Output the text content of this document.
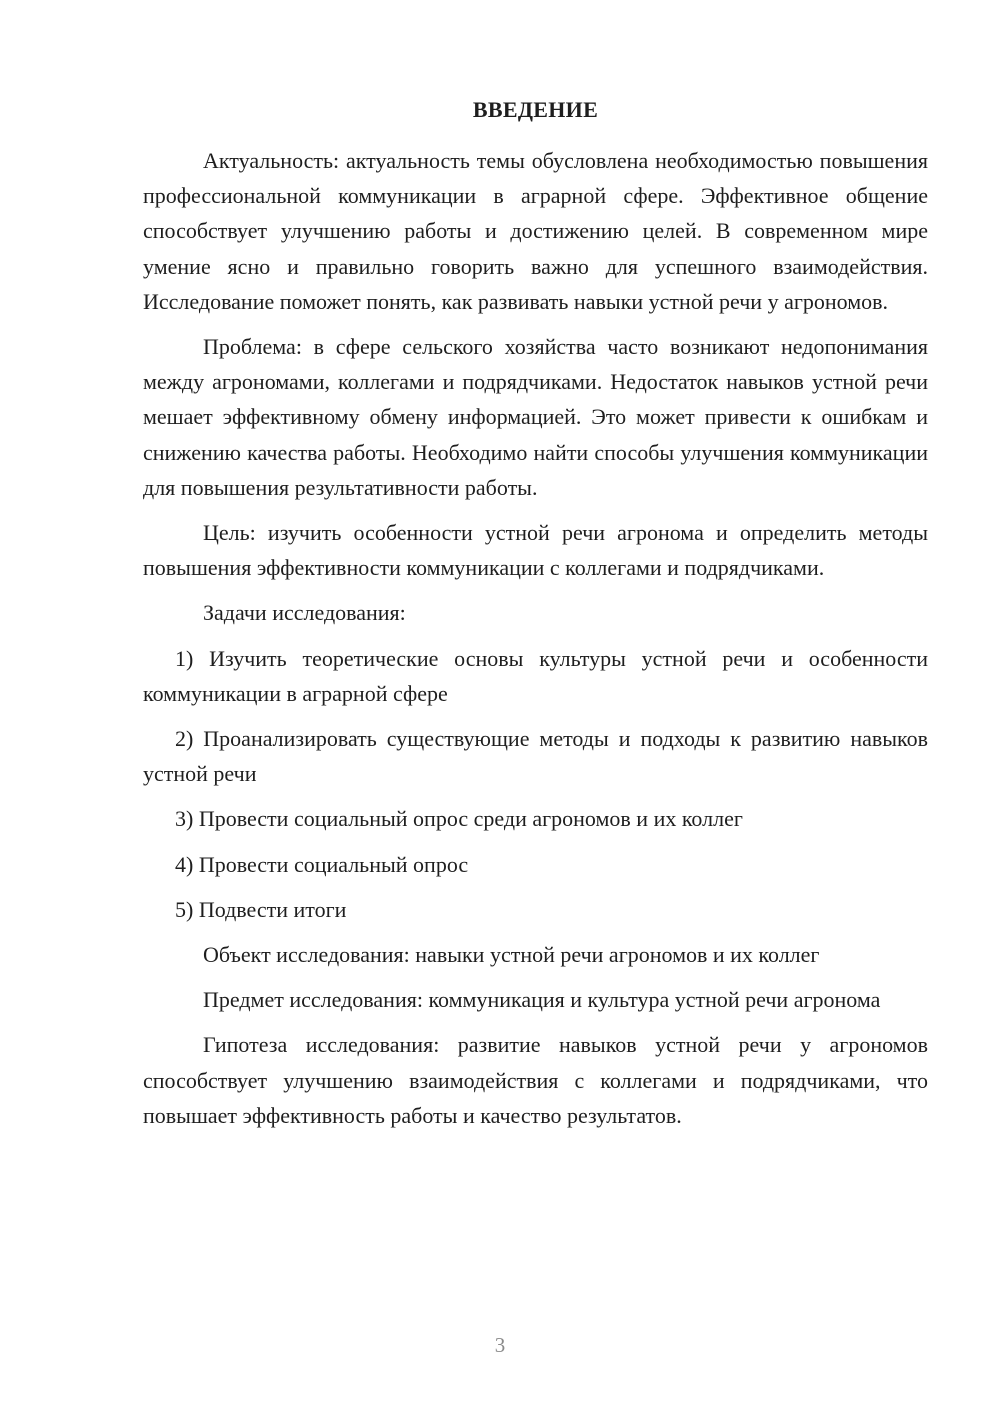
ВВЕДЕНИЕ

Актуальность: актуальность темы обусловлена необходимостью повышения профессиональной коммуникации в аграрной сфере. Эффективное общение способствует улучшению работы и достижению целей. В современном мире умение ясно и правильно говорить важно для успешного взаимодействия. Исследование поможет понять, как развивать навыки устной речи у агрономов.

Проблема: в сфере сельского хозяйства часто возникают недопонимания между агрономами, коллегами и подрядчиками. Недостаток навыков устной речи мешает эффективному обмену информацией. Это может привести к ошибкам и снижению качества работы. Необходимо найти способы улучшения коммуникации для повышения результативности работы.

Цель: изучить особенности устной речи агронома и определить методы повышения эффективности коммуникации с коллегами и подрядчиками.

Задачи исследования:

1) Изучить теоретические основы культуры устной речи и особенности коммуникации в аграрной сфере

2) Проанализировать существующие методы и подходы к развитию навыков устной речи

3) Провести социальный опрос среди агрономов и их коллег

4) Провести социальный опрос

5) Подвести итоги

Объект исследования: навыки устной речи агрономов и их коллег

Предмет исследования: коммуникация и культура устной речи агронома

Гипотеза исследования: развитие навыков устной речи у агрономов способствует улучшению взаимодействия с коллегами и подрядчиками, что повышает эффективность работы и качество результатов.

3
